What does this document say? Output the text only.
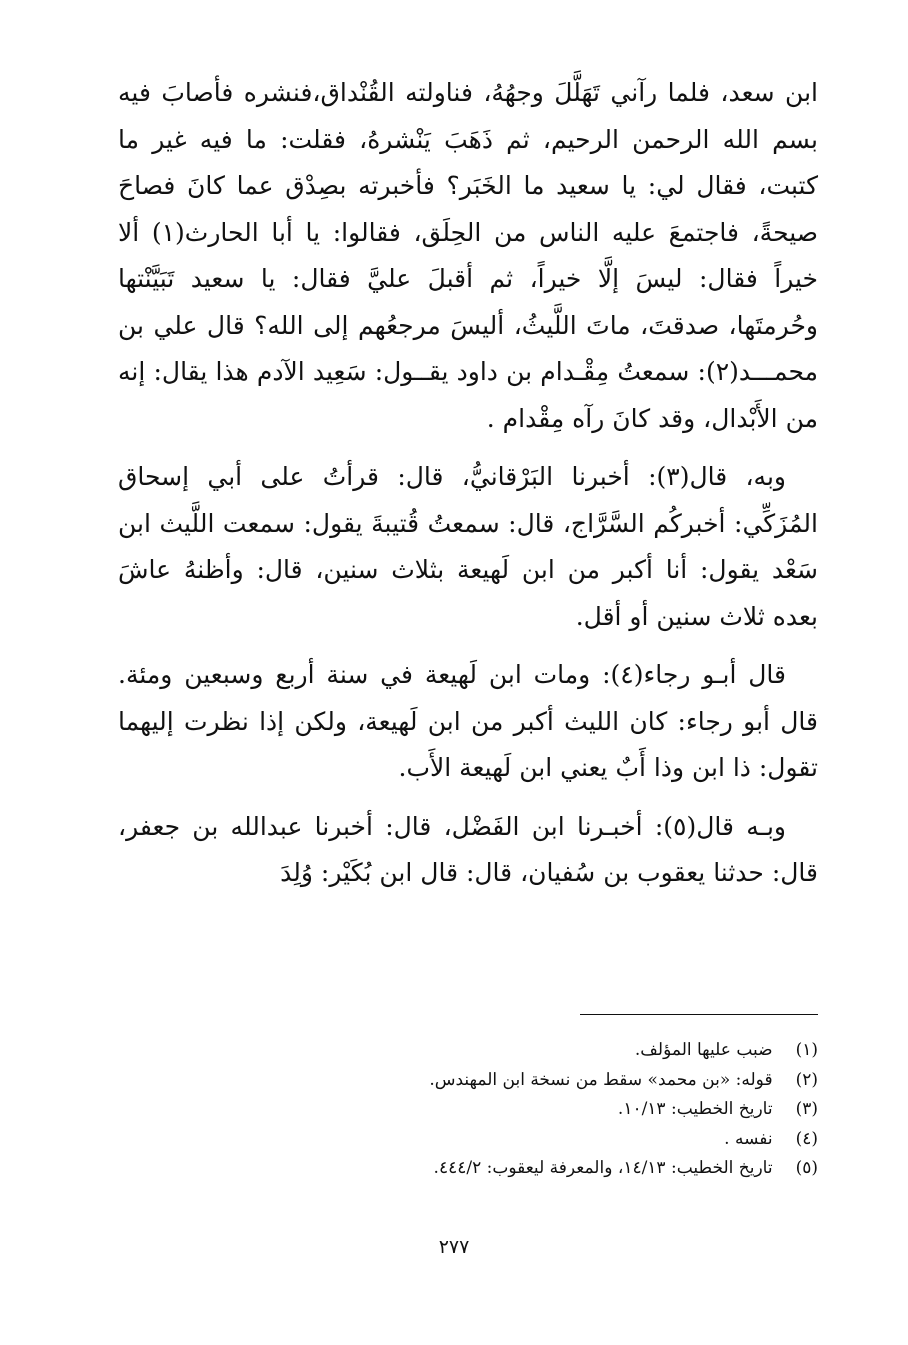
ابن سعد، فلما رآني تَهَلَّلَ وجهُهُ، فناولته القُنْداق،فنشره فأصابَ فيه بسم الله الرحمن الرحيم، ثم ذَهَبَ يَنْشرهُ، فقلت: ما فيه غير ما كتبت، فقال لي: يا سعيد ما الخَبَر؟ فأخبرته بصِدْق عما كانَ فصاحَ صيحةً، فاجتمعَ عليه الناس من الحِلَق، فقالوا: يا أبا الحارث(١) ألا خيراً فقال: ليسَ إلَّا خيراً، ثم أقبلَ عليَّ فقال: يا سعيد تَبَيَّنْتها وحُرمتَها، صدقتَ، ماتَ اللَّيثُ، أليسَ مرجعُهم إلى الله؟ قال علي بن محمـــد(٢): سمعتُ مِقْـدام بن داود يقــول: سَعِيد الآدم هذا يقال: إنه من الأَبْدال، وقد كانَ رآه مِقْدام .

وبه، قال(٣): أخبرنا البَرْقانيُّ، قال: قرأتُ على أبي إسحاق المُزَكِّي: أخبركُم السَّرَّاج، قال: سمعتُ قُتيبةَ يقول: سمعت اللَّيث ابن سَعْد يقول: أنا أكبر من ابن لَهيعة بثلاث سنين، قال: وأظنهُ عاشَ بعده ثلاث سنين أو أقل.

قال أبـو رجاء(٤): ومات ابن لَهيعة في سنة أربع وسبعين ومئة. قال أبو رجاء: كان الليث أكبر من ابن لَهيعة، ولكن إذا نظرت إليهما تقول: ذا ابن وذا أَبٌ يعني ابن لَهيعة الأَب.

وبـه قال(٥): أخبـرنا ابن الفَضْل، قال: أخبرنا عبدالله بن جعفر، قال: حدثنا يعقوب بن سُفيان، قال: قال ابن بُكَيْر: وُلِدَ

(١) ضبب عليها المؤلف.
(٢) قوله: «بن محمد» سقط من نسخة ابن المهندس.
(٣) تاريخ الخطيب: ١٠/١٣.
(٤) نفسه .
(٥) تاريخ الخطيب: ١٤/١٣، والمعرفة ليعقوب: ٤٤٤/٢.
٢٧٧
